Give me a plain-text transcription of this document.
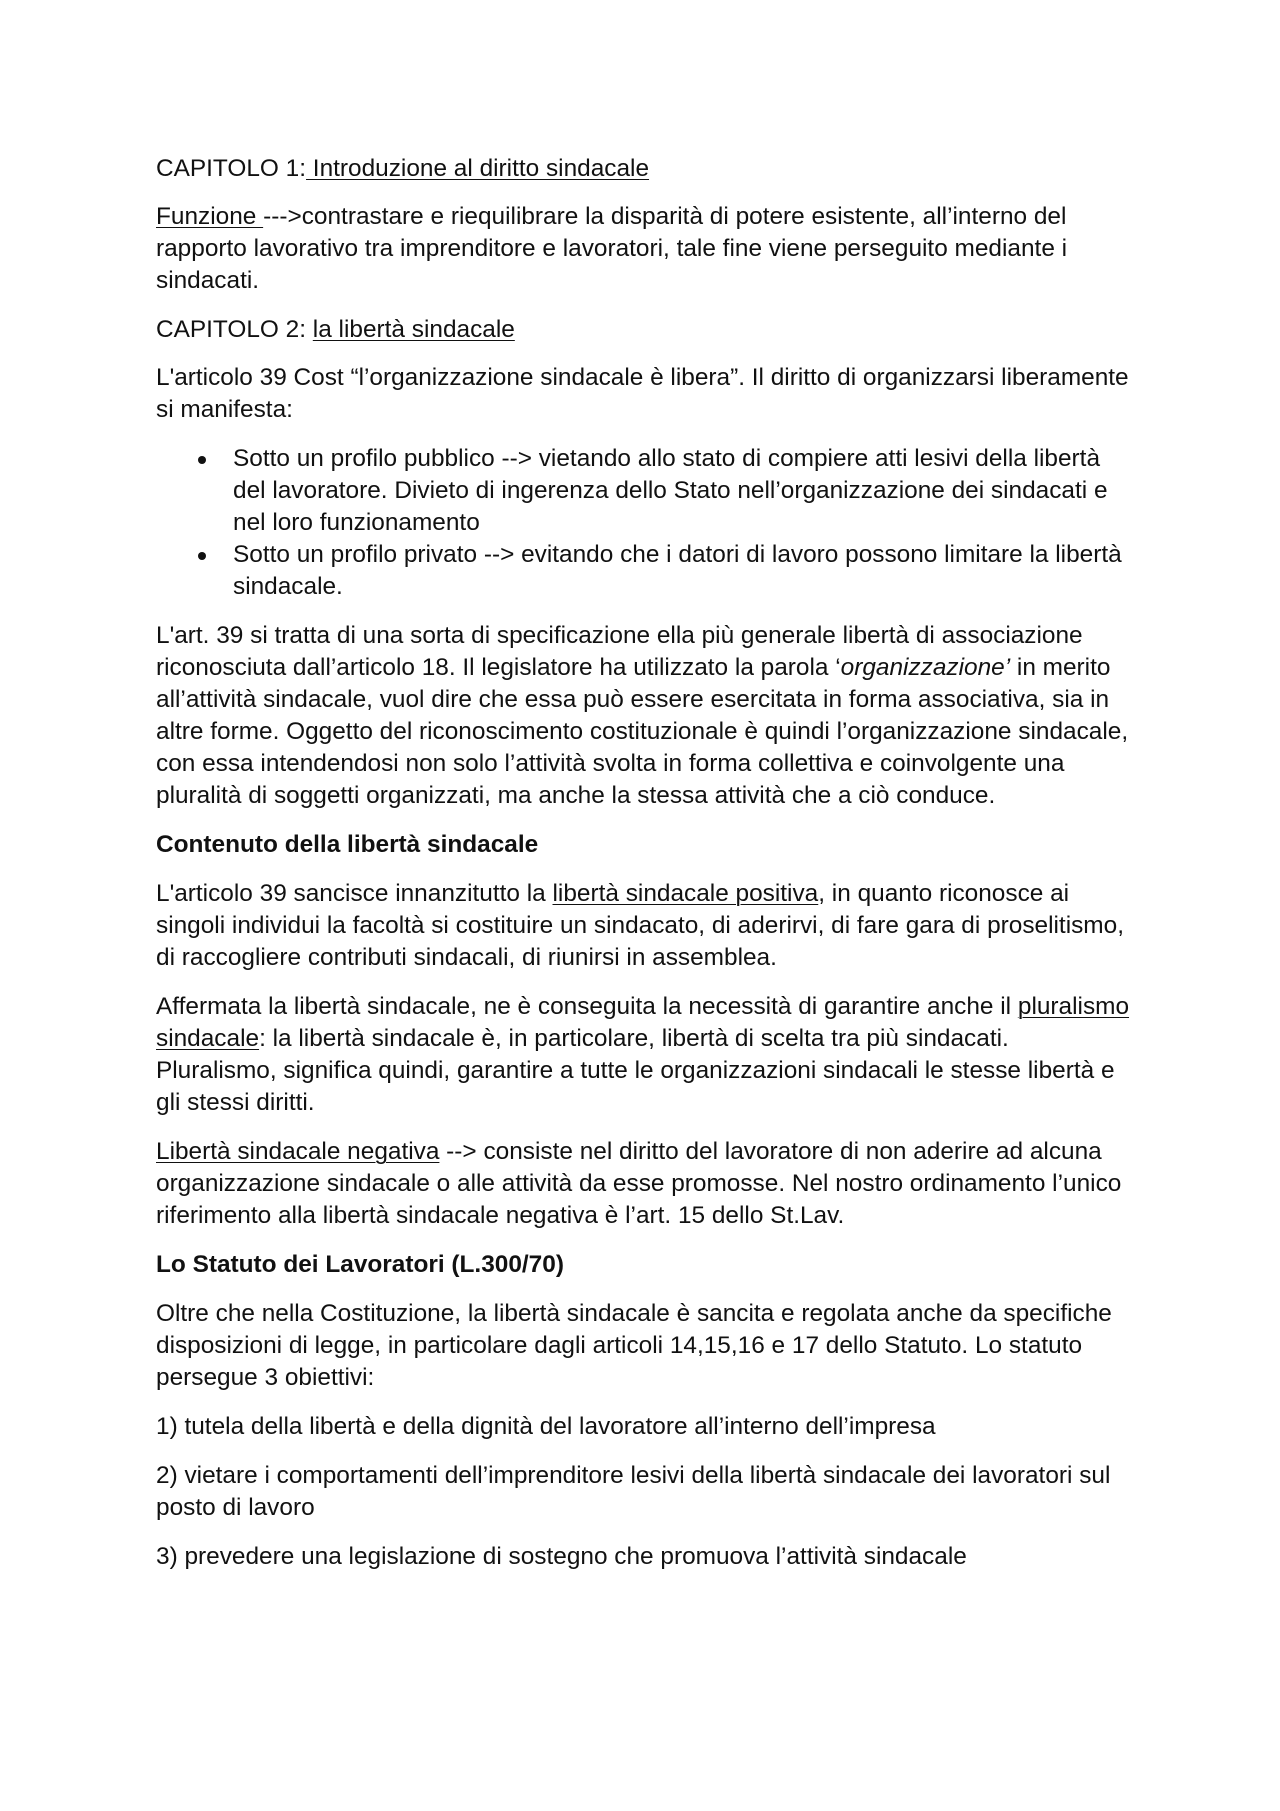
CAPITOLO 1: Introduzione al diritto sindacale

Funzione --->contrastare e riequilibrare la disparità di potere esistente, all’interno del rapporto lavorativo tra imprenditore e lavoratori, tale fine viene perseguito mediante i sindacati.

CAPITOLO 2: la libertà sindacale

L'articolo 39 Cost “l’organizzazione sindacale è libera”. Il diritto di organizzarsi liberamente si manifesta:

Sotto un profilo pubblico --> vietando allo stato di compiere atti lesivi della libertà del lavoratore. Divieto di ingerenza dello Stato nell’organizzazione dei sindacati e nel loro funzionamento
Sotto un profilo privato --> evitando che i datori di lavoro possono limitare la libertà sindacale.

L'art. 39 si tratta di una sorta di specificazione ella più generale libertà di associazione riconosciuta dall’articolo 18. Il legislatore ha utilizzato la parola ‘organizzazione’ in merito all’attività sindacale, vuol dire che essa può essere esercitata in forma associativa, sia in altre forme. Oggetto del riconoscimento costituzionale è quindi l’organizzazione sindacale, con essa intendendosi non solo l’attività svolta in forma collettiva e coinvolgente una pluralità di soggetti organizzati, ma anche la stessa attività che a ciò conduce.

Contenuto della libertà sindacale

L'articolo 39 sancisce innanzitutto la libertà sindacale positiva, in quanto riconosce ai singoli individui la facoltà si costituire un sindacato, di aderirvi, di fare gara di proselitismo, di raccogliere contributi sindacali, di riunirsi in assemblea.

Affermata la libertà sindacale, ne è conseguita la necessità di garantire anche il pluralismo sindacale: la libertà sindacale è, in particolare, libertà di scelta tra più sindacati. Pluralismo, significa quindi, garantire a tutte le organizzazioni sindacali le stesse libertà e gli stessi diritti.

Libertà sindacale negativa --> consiste nel diritto del lavoratore di non aderire ad alcuna organizzazione sindacale o alle attività da esse promosse. Nel nostro ordinamento l’unico riferimento alla libertà sindacale negativa è l’art. 15 dello St.Lav.

Lo Statuto dei Lavoratori (L.300/70)

Oltre che nella Costituzione, la libertà sindacale è sancita e regolata anche da specifiche disposizioni di legge, in particolare dagli articoli 14,15,16 e 17 dello Statuto. Lo statuto persegue 3 obiettivi:

1) tutela della libertà e della dignità del lavoratore all’interno dell’impresa

2) vietare i comportamenti dell’imprenditore lesivi della libertà sindacale dei lavoratori sul posto di lavoro

3) prevedere una legislazione di sostegno che promuova l’attività sindacale
